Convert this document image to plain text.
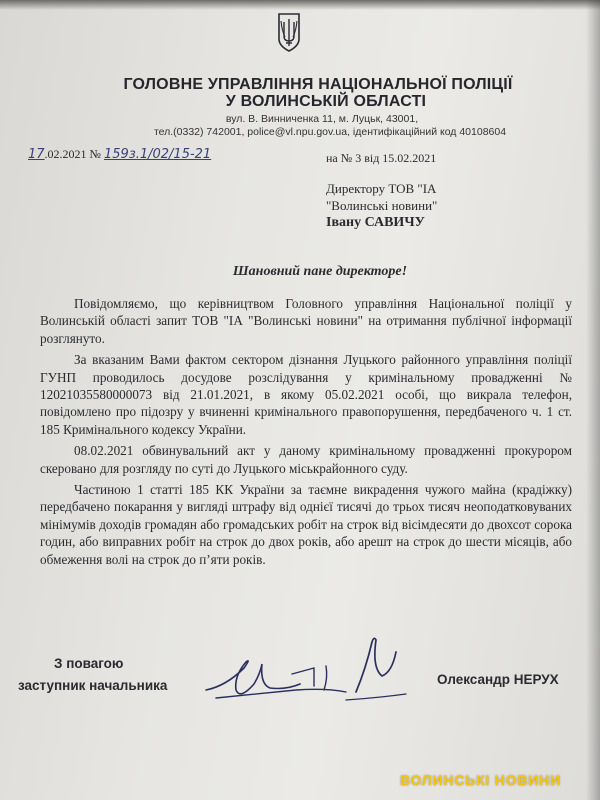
ГОЛОВНЕ УПРАВЛІННЯ НАЦІОНАЛЬНОЇ ПОЛІЦІЇ
У ВОЛИНСЬКІЙ ОБЛАСТІ
вул. В. Винниченка 11, м. Луцьк, 43001,
тел.(0332) 742001, police@vl.npu.gov.ua, ідентифікаційний код 40108604
17.02.2021 № 159з.1/02/15-21	на № 3 від 15.02.2021
Директору ТОВ "ІА
"Волинські новини"
Івану САВИЧУ
Шановний пане директоре!

Повідомляємо, що керівництвом Головного управління Національної поліції у Волинській області запит ТОВ "ІА "Волинські новини" на отримання публічної інформації розглянуто.

За вказаним Вами фактом сектором дізнання Луцького районного управління поліції ГУНП проводилось досудове розслідування у кримінальному провадженні № 12021035580000073 від 21.01.2021, в якому 05.02.2021 особі, що викрала телефон, повідомлено про підозру у вчиненні кримінального правопорушення, передбаченого ч. 1 ст. 185 Кримінального кодексу України.

08.02.2021 обвинувальний акт у даному кримінальному провадженні прокурором скеровано для розгляду по суті до Луцького міськрайонного суду.

Частиною 1 статті 185 КК України за таємне викрадення чужого майна (крадіжку) передбачено покарання у вигляді штрафу від однієї тисячі до трьох тисяч неоподатковуваних мінімумів доходів громадян або громадських робіт на строк від вісімдесяти до двохсот сорока годин, або виправних робіт на строк до двох років, або арешт на строк до шести місяців, або обмеження волі на строк до п’яти років.

З повагою
заступник начальника	Олександр НЕРУХ
ВОЛИНСЬКІ НОВИНИ
